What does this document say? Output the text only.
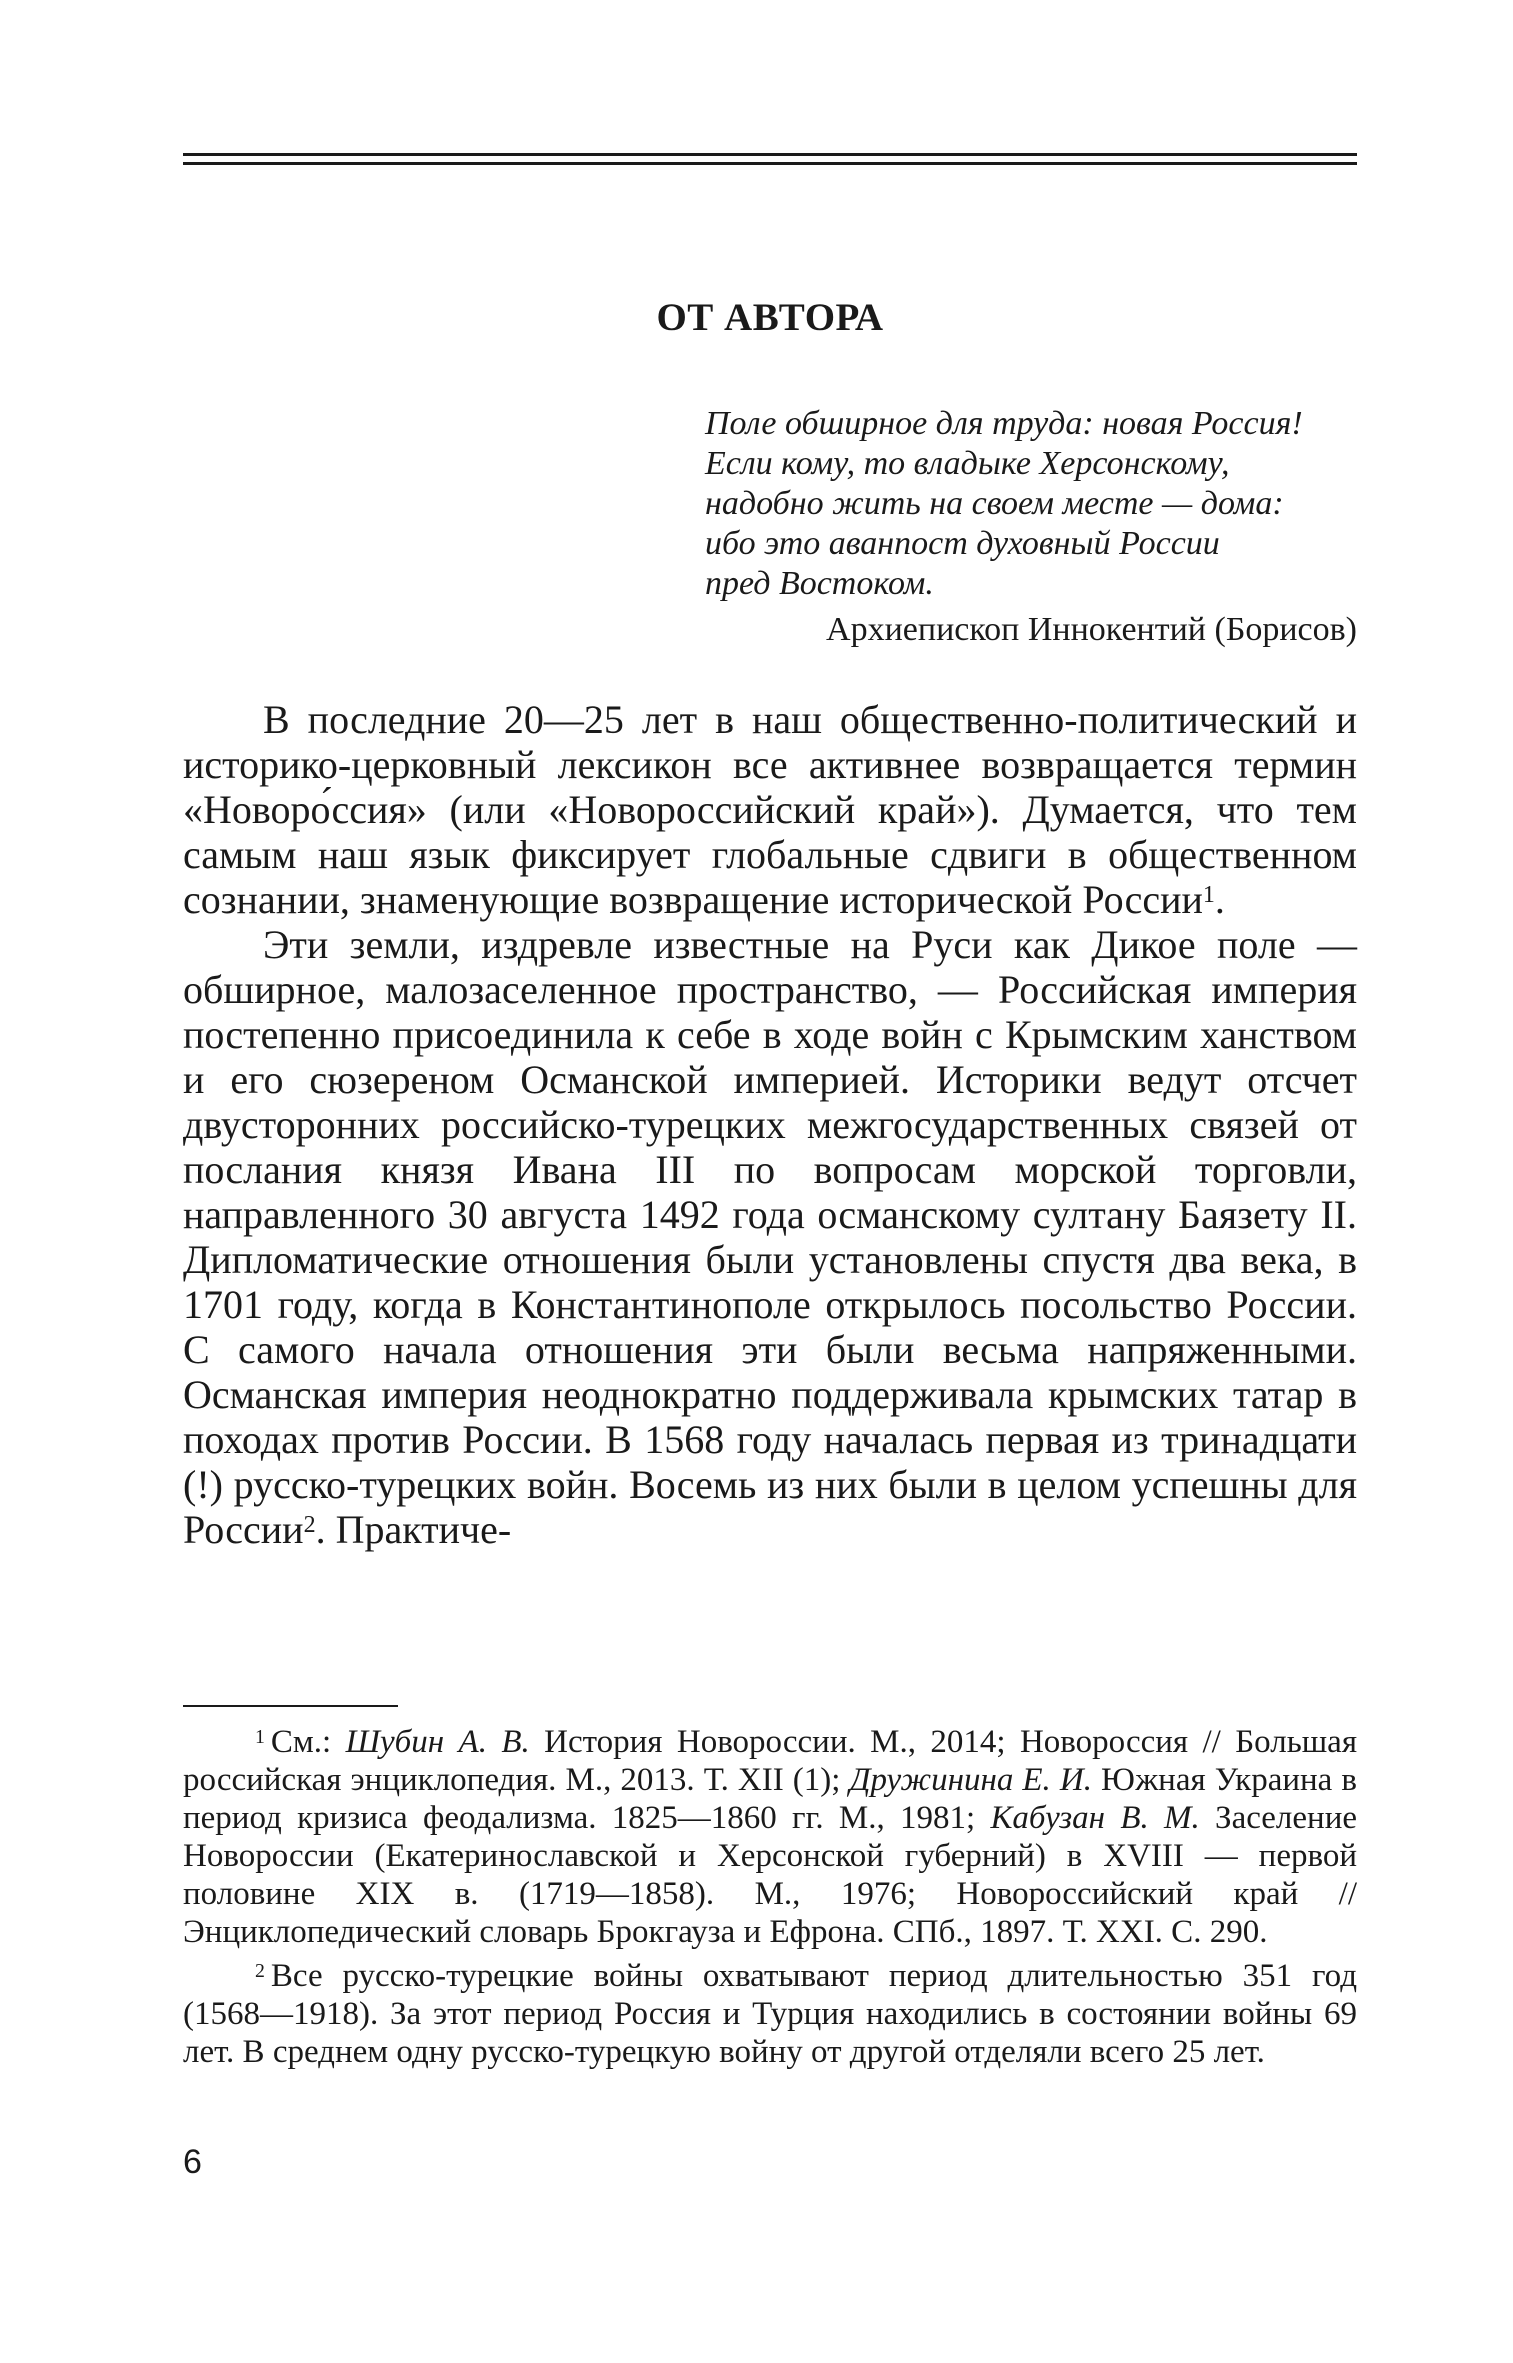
ОТ АВТОРА
Поле обширное для труда: новая Россия!
Если кому, то владыке Херсонскому,
надобно жить на своем месте — дома:
ибо это аванпост духовный России
пред Востоком.
Архиепископ Иннокентий (Борисов)

В последние 20—25 лет в наш общественно-политический и историко-церковный лексикон все активнее возвращается термин «Новоро́ссия» (или «Новороссийский край»). Думается, что тем самым наш язык фиксирует глобальные сдвиги в общественном сознании, знаменующие возвращение исторической России$^1$.

Эти земли, издревле известные на Руси как Дикое поле — обширное, малозаселенное пространство, — Российская империя постепенно присоединила к себе в ходе войн с Крымским ханством и его сюзереном Османской империей. Историки ведут отсчет двусторонних российско-турецких межгосударственных связей от послания князя Ивана III по вопросам морской торговли, направленного 30 августа 1492 года османскому султану Баязету II. Дипломатические отношения были установлены спустя два века, в 1701 году, когда в Константинополе открылось посольство России. С самого начала отношения эти были весьма напряженными. Османская империя неоднократно поддерживала крымских татар в походах против России. В 1568 году началась первая из тринадцати (!) русско-турецких войн. Восемь из них были в целом успешны для России$^2$. Практиче-

$^1$ См.: Шубин А. В. История Новороссии. М., 2014; Новороссия // Большая российская энциклопедия. М., 2013. Т. XII (1); Дружинина Е. И. Южная Украина в период кризиса феодализма. 1825—1860 гг. М., 1981; Кабузан В. М. Заселение Новороссии (Екатеринославской и Херсонской губерний) в XVIII — первой половине XIX в. (1719—1858). М., 1976; Новороссийский край // Энциклопедический словарь Брокгауза и Ефрона. СПб., 1897. Т. XXI. С. 290.

$^2$ Все русско-турецкие войны охватывают период длительностью 351 год (1568—1918). За этот период Россия и Турция находились в состоянии войны 69 лет. В среднем одну русско-турецкую войну от другой отделяли всего 25 лет.

6
